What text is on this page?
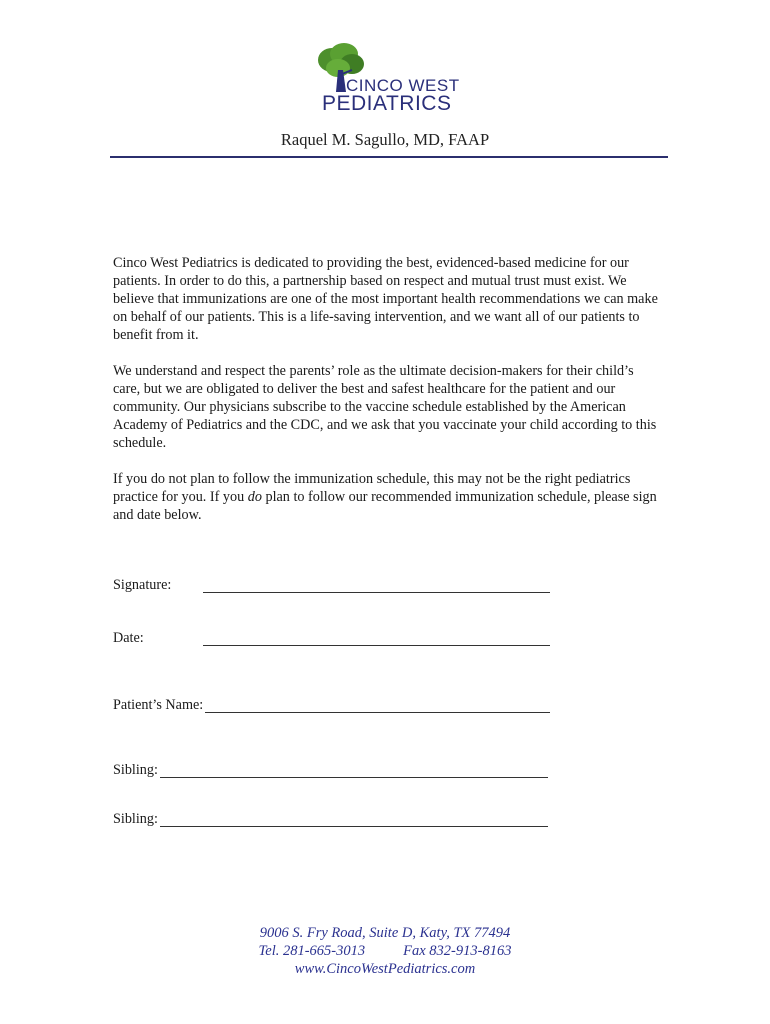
CINCO WEST
PEDIATRICS
Raquel M. Sagullo, MD, FAAP

Cinco West Pediatrics is dedicated to providing the best, evidenced-based medicine for our patients. In order to do this, a partnership based on respect and mutual trust must exist. We believe that immunizations are one of the most important health recommendations we can make on behalf of our patients. This is a life-saving intervention, and we want all of our patients to benefit from it.

We understand and respect the parents’ role as the ultimate decision-makers for their child’s care, but we are obligated to deliver the best and safest healthcare for the patient and our community. Our physicians subscribe to the vaccine schedule established by the American Academy of Pediatrics and the CDC, and we ask that you vaccinate your child according to this schedule.

If you do not plan to follow the immunization schedule, this may not be the right pediatrics practice for you. If you do plan to follow our recommended immunization schedule, please sign and date below.

Signature:
Date:
Patient’s Name:
Sibling:
Sibling:
9006 S. Fry Road, Suite D, Katy, TX 77494
Tel. 281-665-3013	Fax 832-913-8163
www.CincoWestPediatrics.com
